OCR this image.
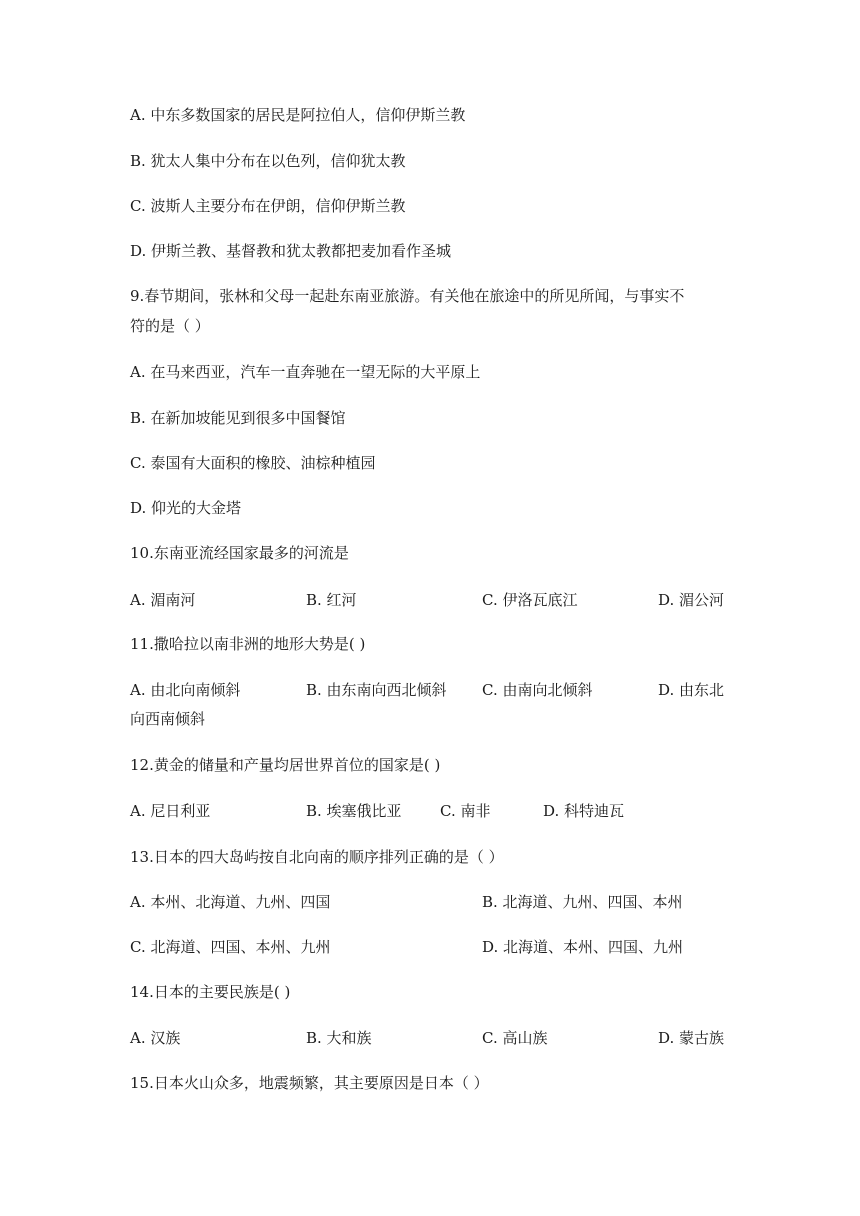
A. 中东多数国家的居民是阿拉伯人，信仰伊斯兰教
B. 犹太人集中分布在以色列，信仰犹太教
C. 波斯人主要分布在伊朗，信仰伊斯兰教
D. 伊斯兰教、基督教和犹太教都把麦加看作圣城
9.春节期间，张林和父母一起赴东南亚旅游。有关他在旅途中的所见所闻，与事实不
符的是（ ）
A. 在马来西亚，汽车一直奔驰在一望无际的大平原上
B. 在新加坡能见到很多中国餐馆
C. 泰国有大面积的橡胶、油棕种植园
D. 仰光的大金塔
10.东南亚流经国家最多的河流是
A. 湄南河	B. 红河	C. 伊洛瓦底江	D. 湄公河
11.撒哈拉以南非洲的地形大势是( )
A. 由北向南倾斜	B. 由东南向西北倾斜 C. 由南向北倾斜	D. 由东北
向西南倾斜
12.黄金的储量和产量均居世界首位的国家是( )
A. 尼日利亚	B. 埃塞俄比亚	C. 南非	D. 科特迪瓦
13.日本的四大岛屿按自北向南的顺序排列正确的是（ ）
A. 本州、北海道、九州、四国	B. 北海道、九州、四国、本州
C. 北海道、四国、本州、九州	D. 北海道、本州、四国、九州
14.日本的主要民族是( )
A. 汉族	B. 大和族	C. 高山族	D. 蒙古族
15.日本火山众多，地震频繁，其主要原因是日本（ ）
